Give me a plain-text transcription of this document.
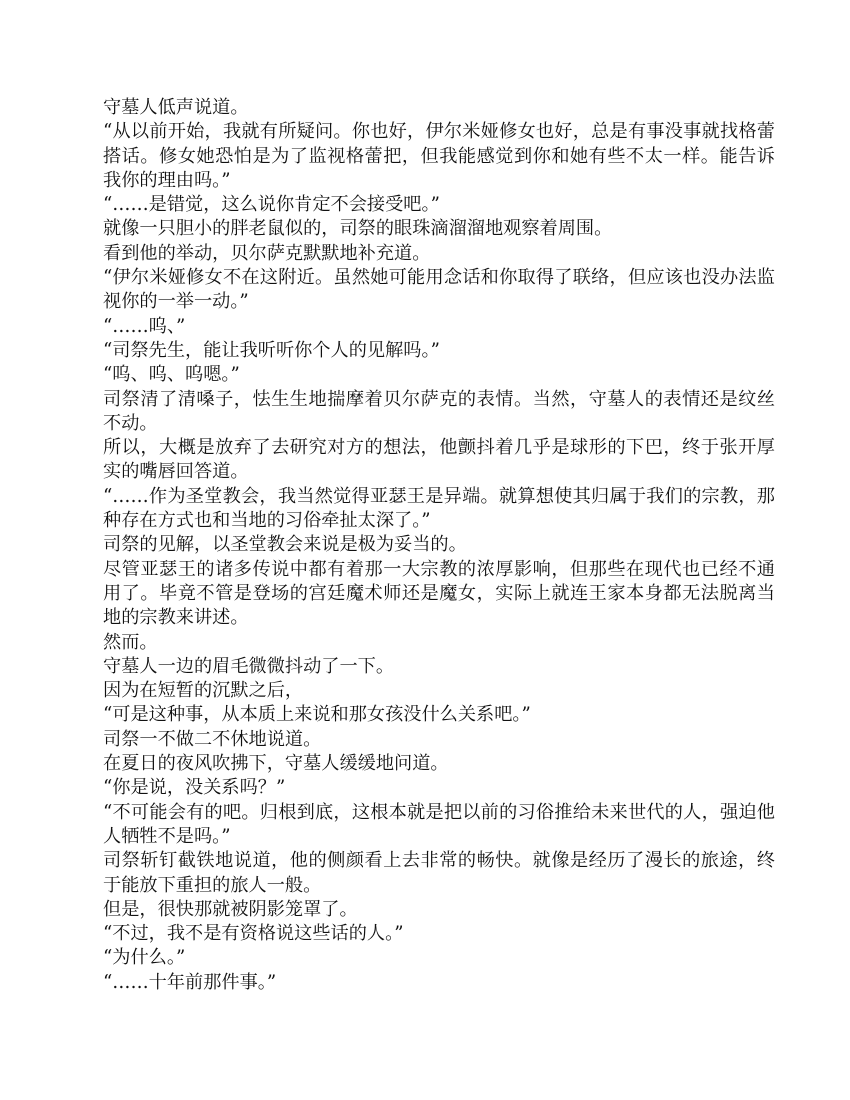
守墓人低声说道。

“从以前开始，我就有所疑问。你也好，伊尔米娅修女也好，总是有事没事就找格蕾搭话。修女她恐怕是为了监视格蕾把，但我能感觉到你和她有些不太一样。能告诉我你的理由吗。”

“……是错觉，这么说你肯定不会接受吧。”

就像一只胆小的胖老鼠似的，司祭的眼珠滴溜溜地观察着周围。

看到他的举动，贝尔萨克默默地补充道。

“伊尔米娅修女不在这附近。虽然她可能用念话和你取得了联络，但应该也没办法监视你的一举一动。”

“……呜、”

“司祭先生，能让我听听你个人的见解吗。”

“呜、呜、呜嗯。”

司祭清了清嗓子，怯生生地揣摩着贝尔萨克的表情。当然，守墓人的表情还是纹丝不动。

所以，大概是放弃了去研究对方的想法，他颤抖着几乎是球形的下巴，终于张开厚实的嘴唇回答道。

“……作为圣堂教会，我当然觉得亚瑟王是异端。就算想使其归属于我们的宗教，那种存在方式也和当地的习俗牵扯太深了。”

司祭的见解，以圣堂教会来说是极为妥当的。

尽管亚瑟王的诸多传说中都有着那一大宗教的浓厚影响，但那些在现代也已经不通用了。毕竟不管是登场的宫廷魔术师还是魔女，实际上就连王家本身都无法脱离当地的宗教来讲述。

然而。

守墓人一边的眉毛微微抖动了一下。

因为在短暂的沉默之后，

“可是这种事，从本质上来说和那女孩没什么关系吧。”

司祭一不做二不休地说道。

在夏日的夜风吹拂下，守墓人缓缓地问道。

“你是说，没关系吗？”

“不可能会有的吧。归根到底，这根本就是把以前的习俗推给未来世代的人，强迫他人牺牲不是吗。”

司祭斩钉截铁地说道，他的侧颜看上去非常的畅快。就像是经历了漫长的旅途，终于能放下重担的旅人一般。

但是，很快那就被阴影笼罩了。

“不过，我不是有资格说这些话的人。”

“为什么。”

“……十年前那件事。”
